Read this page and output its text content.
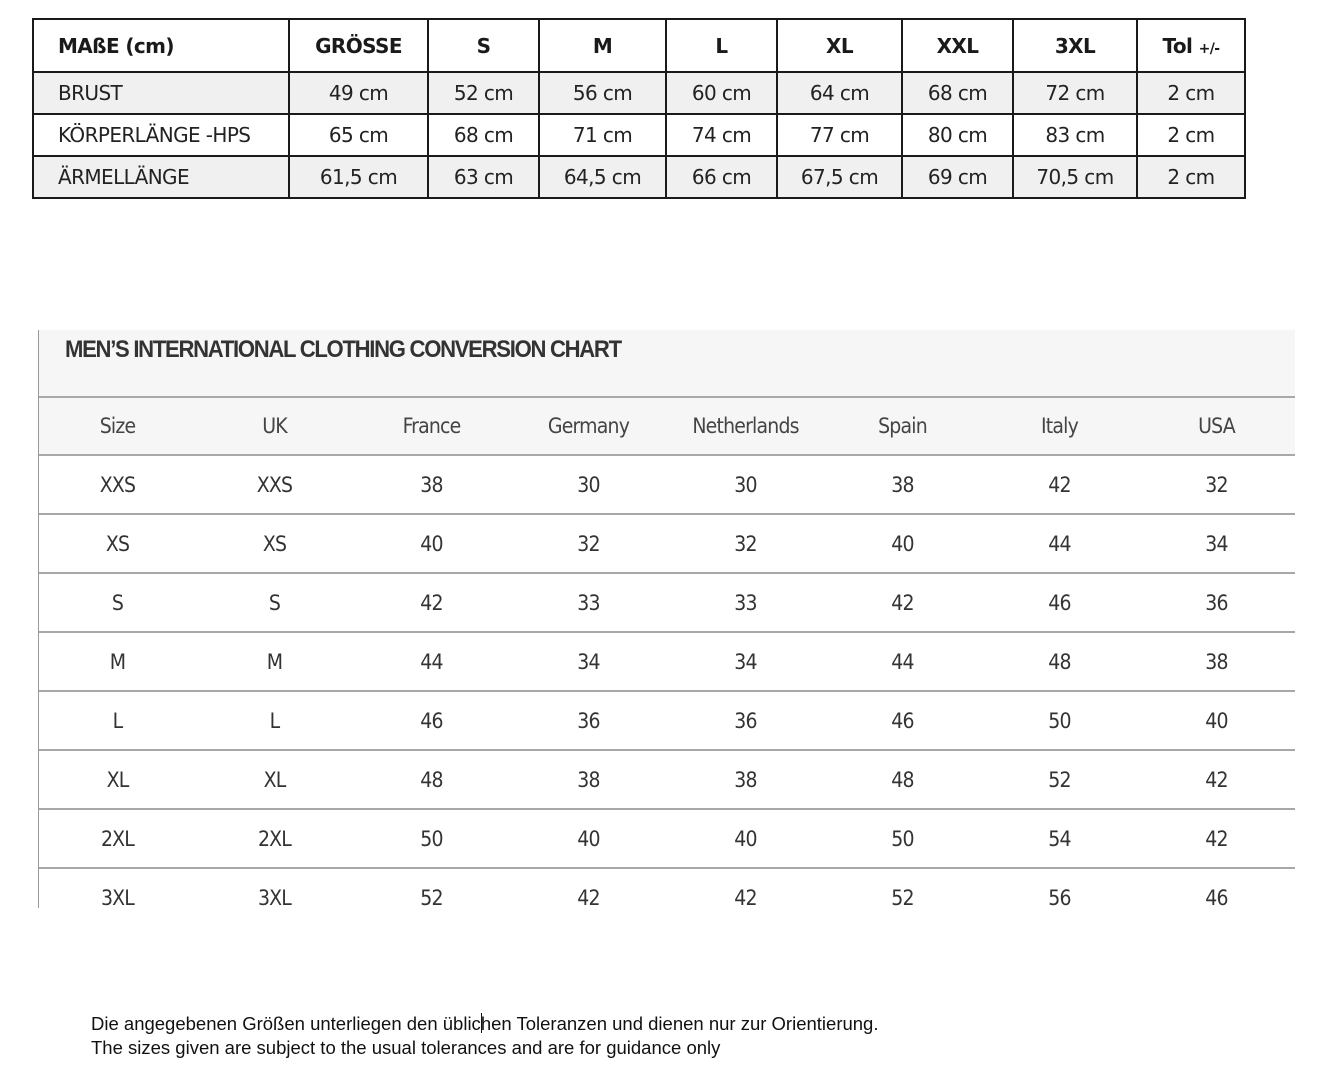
MAßE (cm)	GRÖSSE	S	M	L	XL	XXL	3XL	Tol +/-
BRUST	49 cm	52 cm	56 cm	60 cm	64 cm	68 cm	72 cm	2 cm
KÖRPERLÄNGE -HPS	65 cm	68 cm	71 cm	74 cm	77 cm	80 cm	83 cm	2 cm
ÄRMELLÄNGE	61,5 cm	63 cm	64,5 cm	66 cm	67,5 cm	69 cm	70,5 cm	2 cm
MEN’S INTERNATIONAL CLOTHING CONVERSION CHART
Size	UK	France	Germany	Netherlands	Spain	Italy	USA
XXS	XXS	38	30	30	38	42	32
XS	XS	40	32	32	40	44	34
S	S	42	33	33	42	46	36
M	M	44	34	34	44	48	38
L	L	46	36	36	46	50	40
XL	XL	48	38	38	48	52	42
2XL	2XL	50	40	40	50	54	42
3XL	3XL	52	42	42	52	56	46

Die angegebenen Größen unterliegen den üblichen Toleranzen und dienen nur zur Orientierung.

The sizes given are subject to the usual tolerances and are for guidance only
